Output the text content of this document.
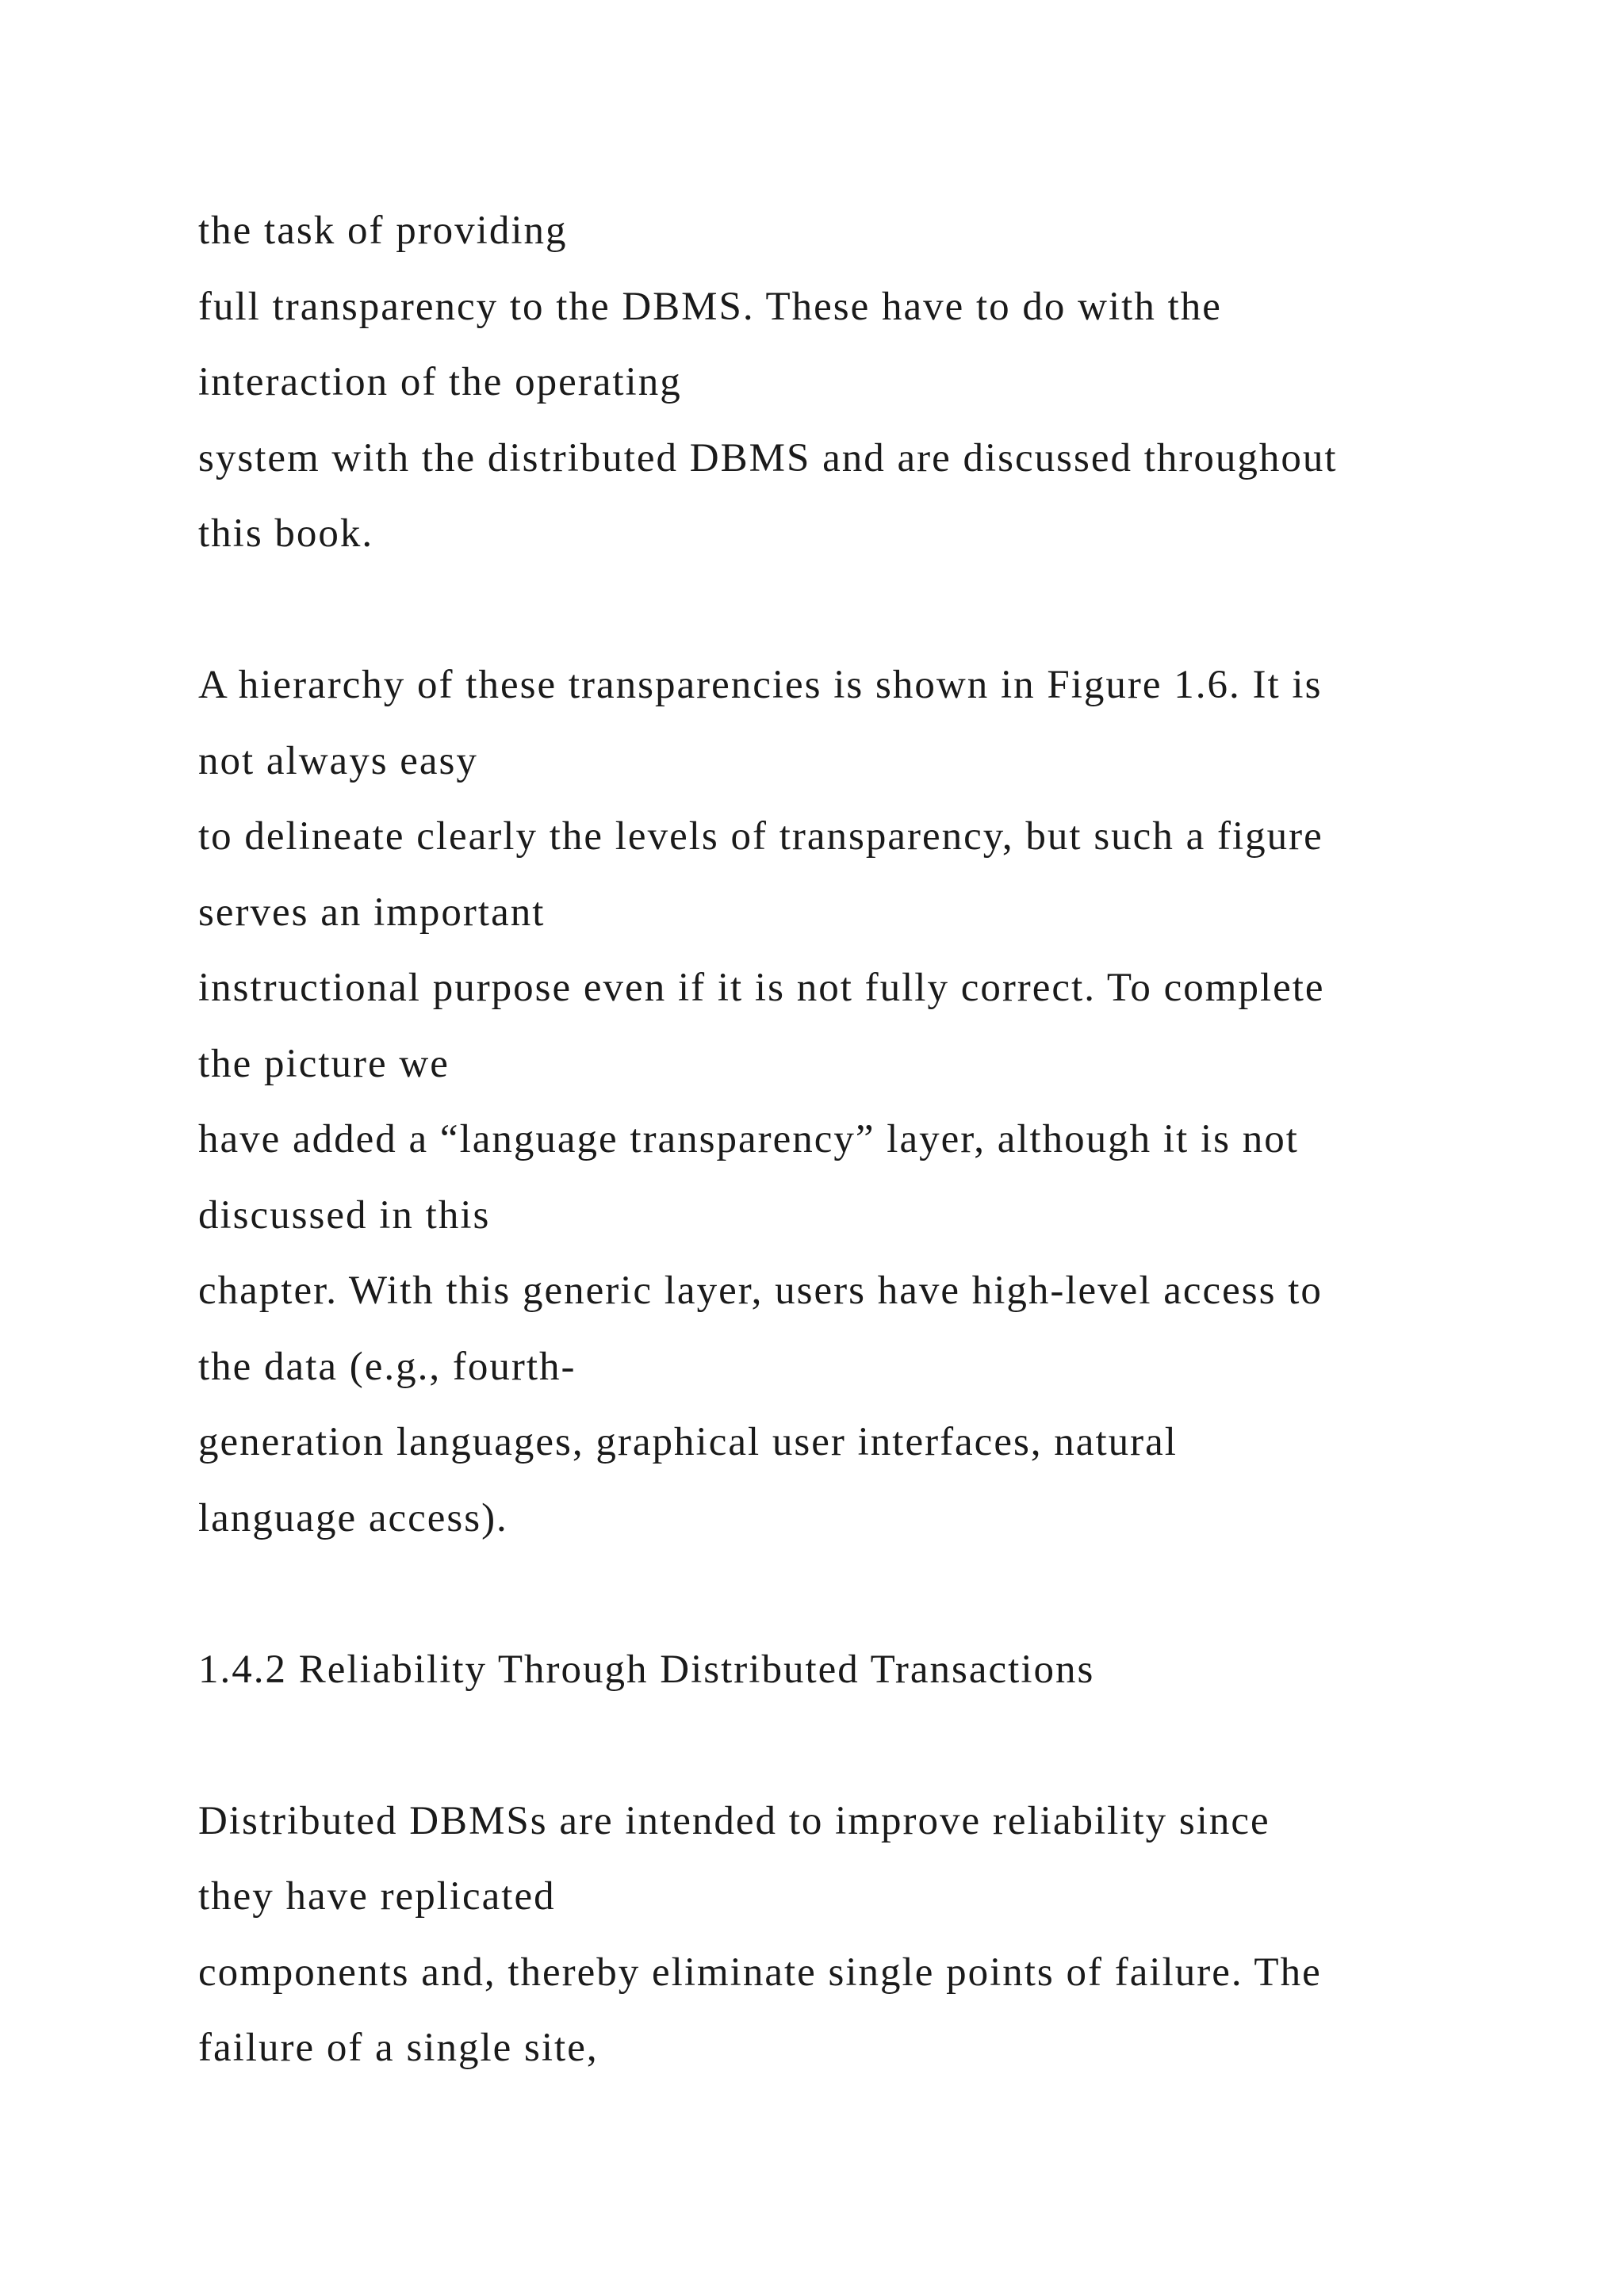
the task of providing
full transparency to the DBMS. These have to do with the
interaction of the operating
system with the distributed DBMS and are discussed throughout
this book.
A hierarchy of these transparencies is shown in Figure 1.6. It is
not always easy
to delineate clearly the levels of transparency, but such a figure
serves an important
instructional purpose even if it is not fully correct. To complete
the picture we
have added a “language transparency” layer, although it is not
discussed in this
chapter. With this generic layer, users have high-level access to
the data (e.g., fourth-
generation languages, graphical user interfaces, natural
language access).
1.4.2 Reliability Through Distributed Transactions
Distributed DBMSs are intended to improve reliability since
they have replicated
components and, thereby eliminate single points of failure. The
failure of a single site,
